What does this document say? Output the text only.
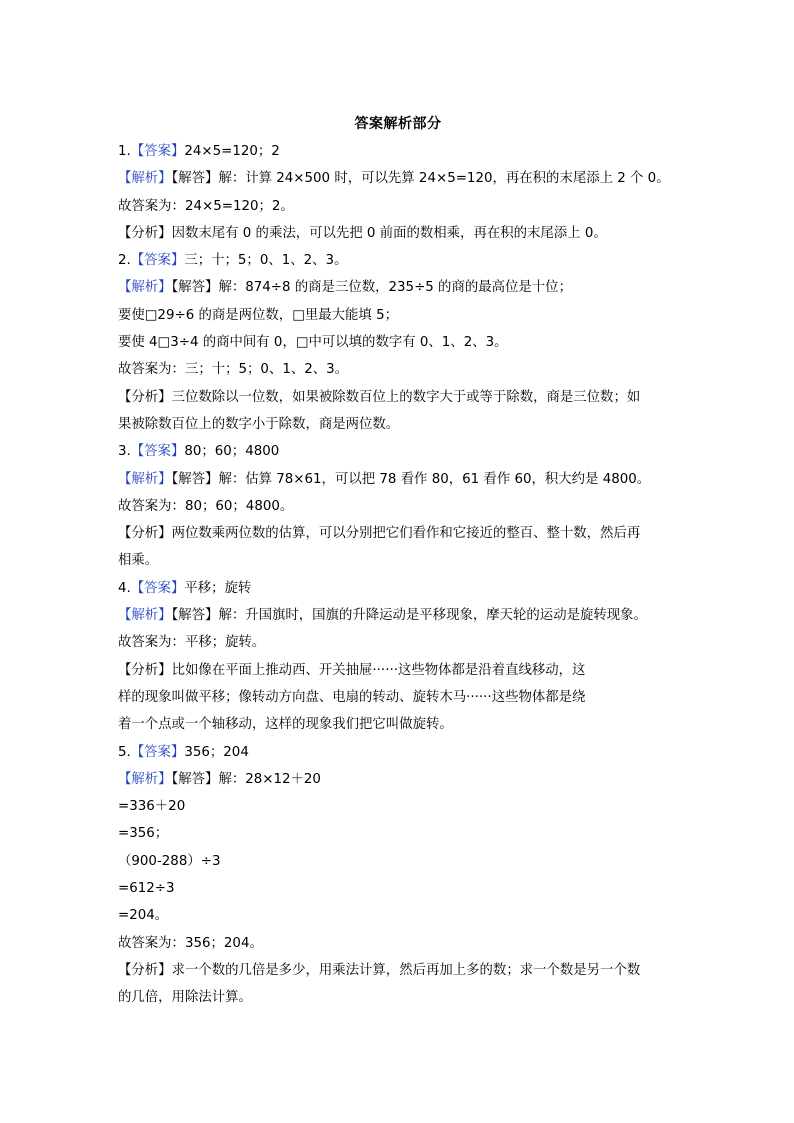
答案解析部分
1.【答案】24×5=120；2
【解析】【解答】解：计算 24×500 时，可以先算 24×5=120，再在积的末尾添上 2 个 0。
故答案为：24×5=120；2。
【分析】因数末尾有 0 的乘法，可以先把 0 前面的数相乘，再在积的末尾添上 0。
2.【答案】三；十；5；0、1、2、3。
【解析】【解答】解：874÷8 的商是三位数，235÷5 的商的最高位是十位；
要使□29÷6 的商是两位数，□里最大能填 5；
要使 4□3÷4 的商中间有 0，□中可以填的数字有 0、1、2、3。
故答案为：三；十；5；0、1、2、3。
【分析】三位数除以一位数，如果被除数百位上的数字大于或等于除数，商是三位数；如
果被除数百位上的数字小于除数，商是两位数。
3.【答案】80；60；4800
【解析】【解答】解：估算 78×61，可以把 78 看作 80，61 看作 60，积大约是 4800。
故答案为：80；60；4800。
【分析】两位数乘两位数的估算，可以分别把它们看作和它接近的整百、整十数，然后再
相乘。
4.【答案】平移；旋转
【解析】【解答】解：升国旗时，国旗的升降运动是平移现象，摩天轮的运动是旋转现象。
故答案为：平移；旋转。
【分析】比如像在平面上推动西、开关抽屉······这些物体都是沿着直线移动，这
样的现象叫做平移；像转动方向盘、电扇的转动、旋转木马······这些物体都是绕
着一个点或一个轴移动，这样的现象我们把它叫做旋转。
5.【答案】356；204
【解析】【解答】解：28×12＋20
=336＋20
=356；
（900-288）÷3
=612÷3
=204。
故答案为：356；204。
【分析】求一个数的几倍是多少，用乘法计算，然后再加上多的数；求一个数是另一个数
的几倍，用除法计算。
